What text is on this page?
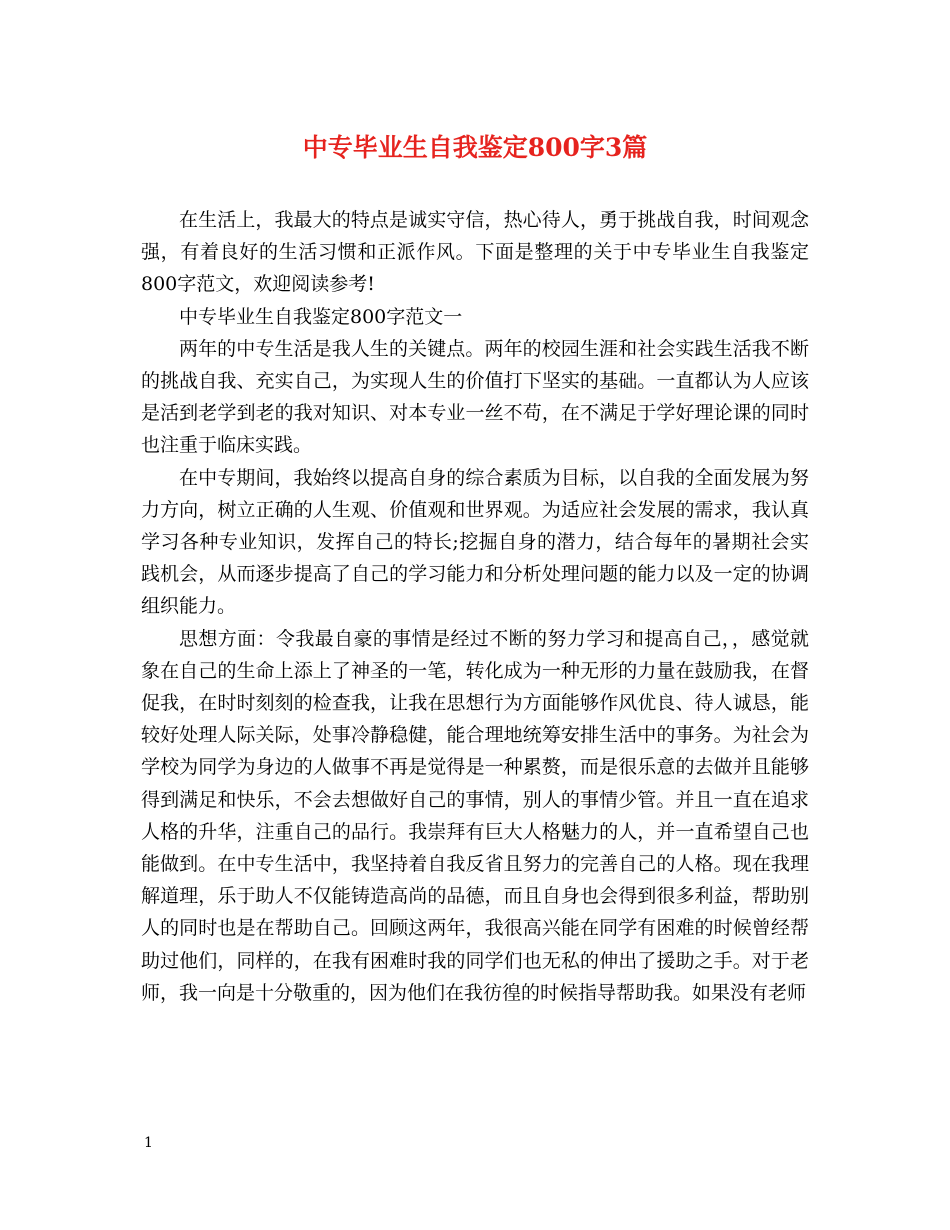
中专毕业生自我鉴定800字3篇

在生活上，我最大的特点是诚实守信，热心待人，勇于挑战自我，时间观念强，有着良好的生活习惯和正派作风。下面是整理的关于中专毕业生自我鉴定800字范文，欢迎阅读参考!

中专毕业生自我鉴定800字范文一

两年的中专生活是我人生的关键点。两年的校园生涯和社会实践生活我不断的挑战自我、充实自己，为实现人生的价值打下坚实的基础。一直都认为人应该是活到老学到老的我对知识、对本专业一丝不苟，在不满足于学好理论课的同时也注重于临床实践。

在中专期间，我始终以提高自身的综合素质为目标，以自我的全面发展为努力方向，树立正确的人生观、价值观和世界观。为适应社会发展的需求，我认真学习各种专业知识，发挥自己的特长;挖掘自身的潜力，结合每年的暑期社会实践机会，从而逐步提高了自己的学习能力和分析处理问题的能力以及一定的协调组织能力。

思想方面：令我最自豪的事情是经过不断的努力学习和提高自己，，感觉就象在自己的生命上添上了神圣的一笔，转化成为一种无形的力量在鼓励我，在督促我，在时时刻刻的检查我，让我在思想行为方面能够作风优良、待人诚恳，能较好处理人际关际，处事冷静稳健，能合理地统筹安排生活中的事务。为社会为学校为同学为身边的人做事不再是觉得是一种累赘，而是很乐意的去做并且能够得到满足和快乐，不会去想做好自己的事情，别人的事情少管。并且一直在追求人格的升华，注重自己的品行。我崇拜有巨大人格魅力的人，并一直希望自己也能做到。在中专生活中，我坚持着自我反省且努力的完善自己的人格。现在我理解道理，乐于助人不仅能铸造高尚的品德，而且自身也会得到很多利益，帮助别人的同时也是在帮助自己。回顾这两年，我很高兴能在同学有困难的时候曾经帮助过他们，同样的，在我有困难时我的同学们也无私的伸出了援助之手。对于老师，我一向是十分敬重的，因为他们在我彷徨的时候指导帮助我。如果没有老师

1
